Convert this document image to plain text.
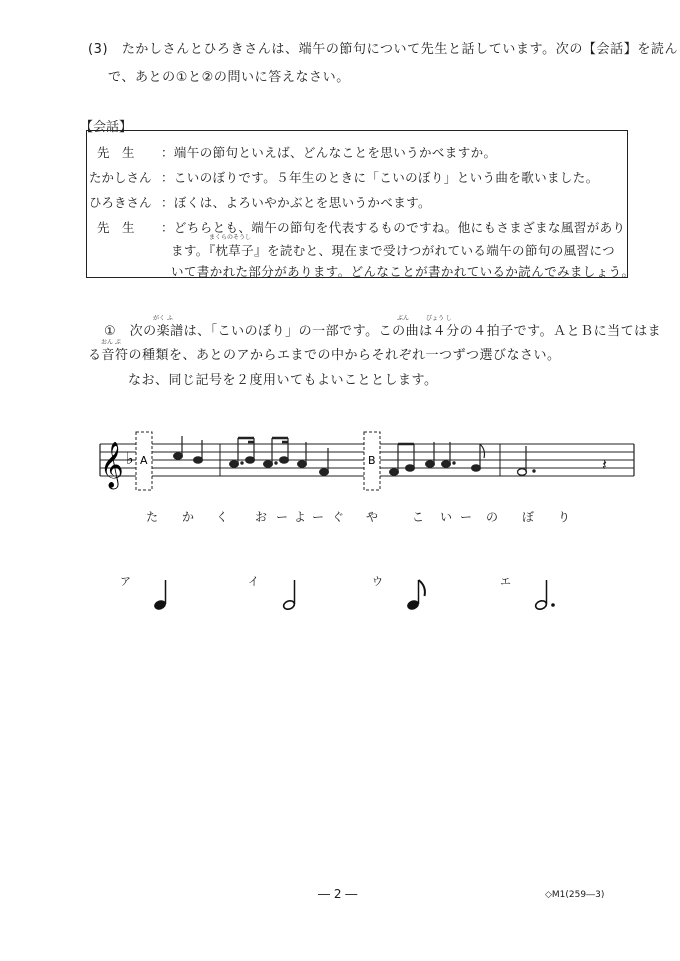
(3)　たかしさんとひろきさんは、端午の節句について先生と話しています。次の【会話】を読ん
で、あとの①と②の問いに答えなさい。
【会話】
先　生 ：端午の節句といえば、どんなことを思いうかべますか。
たかしさん ：こいのぼりです。５年生のときに「こいのぼり」という曲を歌いました。
ひろきさん ：ぼくは、よろいやかぶとを思いうかべます。
先　生 ：どちらとも、端午の節句を代表するものですね。他にもさまざまな風習があり
まくらのそうし
ます。『枕草子』を読むと、現在まで受けつがれている端午の節句の風習につ
いて書かれた部分があります。どんなことが書かれているか読んでみましょう。
がく ふ	ぶん	びょう し
①　次の楽譜は、「こいのぼり」の一部です。この曲は４分の４拍子です。ＡとＢに当てはま
おん ぷ
る音符の種類を、あとのアからエまでの中からそれぞれ一つずつ選びなさい。
なお、同じ記号を２度用いてもよいこととします。
𝄞 ♭ A	B	𝄽
た か く お ー よ ー ぐ や	こ い ー の ぼ り
ア	イ	ウ	エ
― 2 ―	◇M1(259―3)
